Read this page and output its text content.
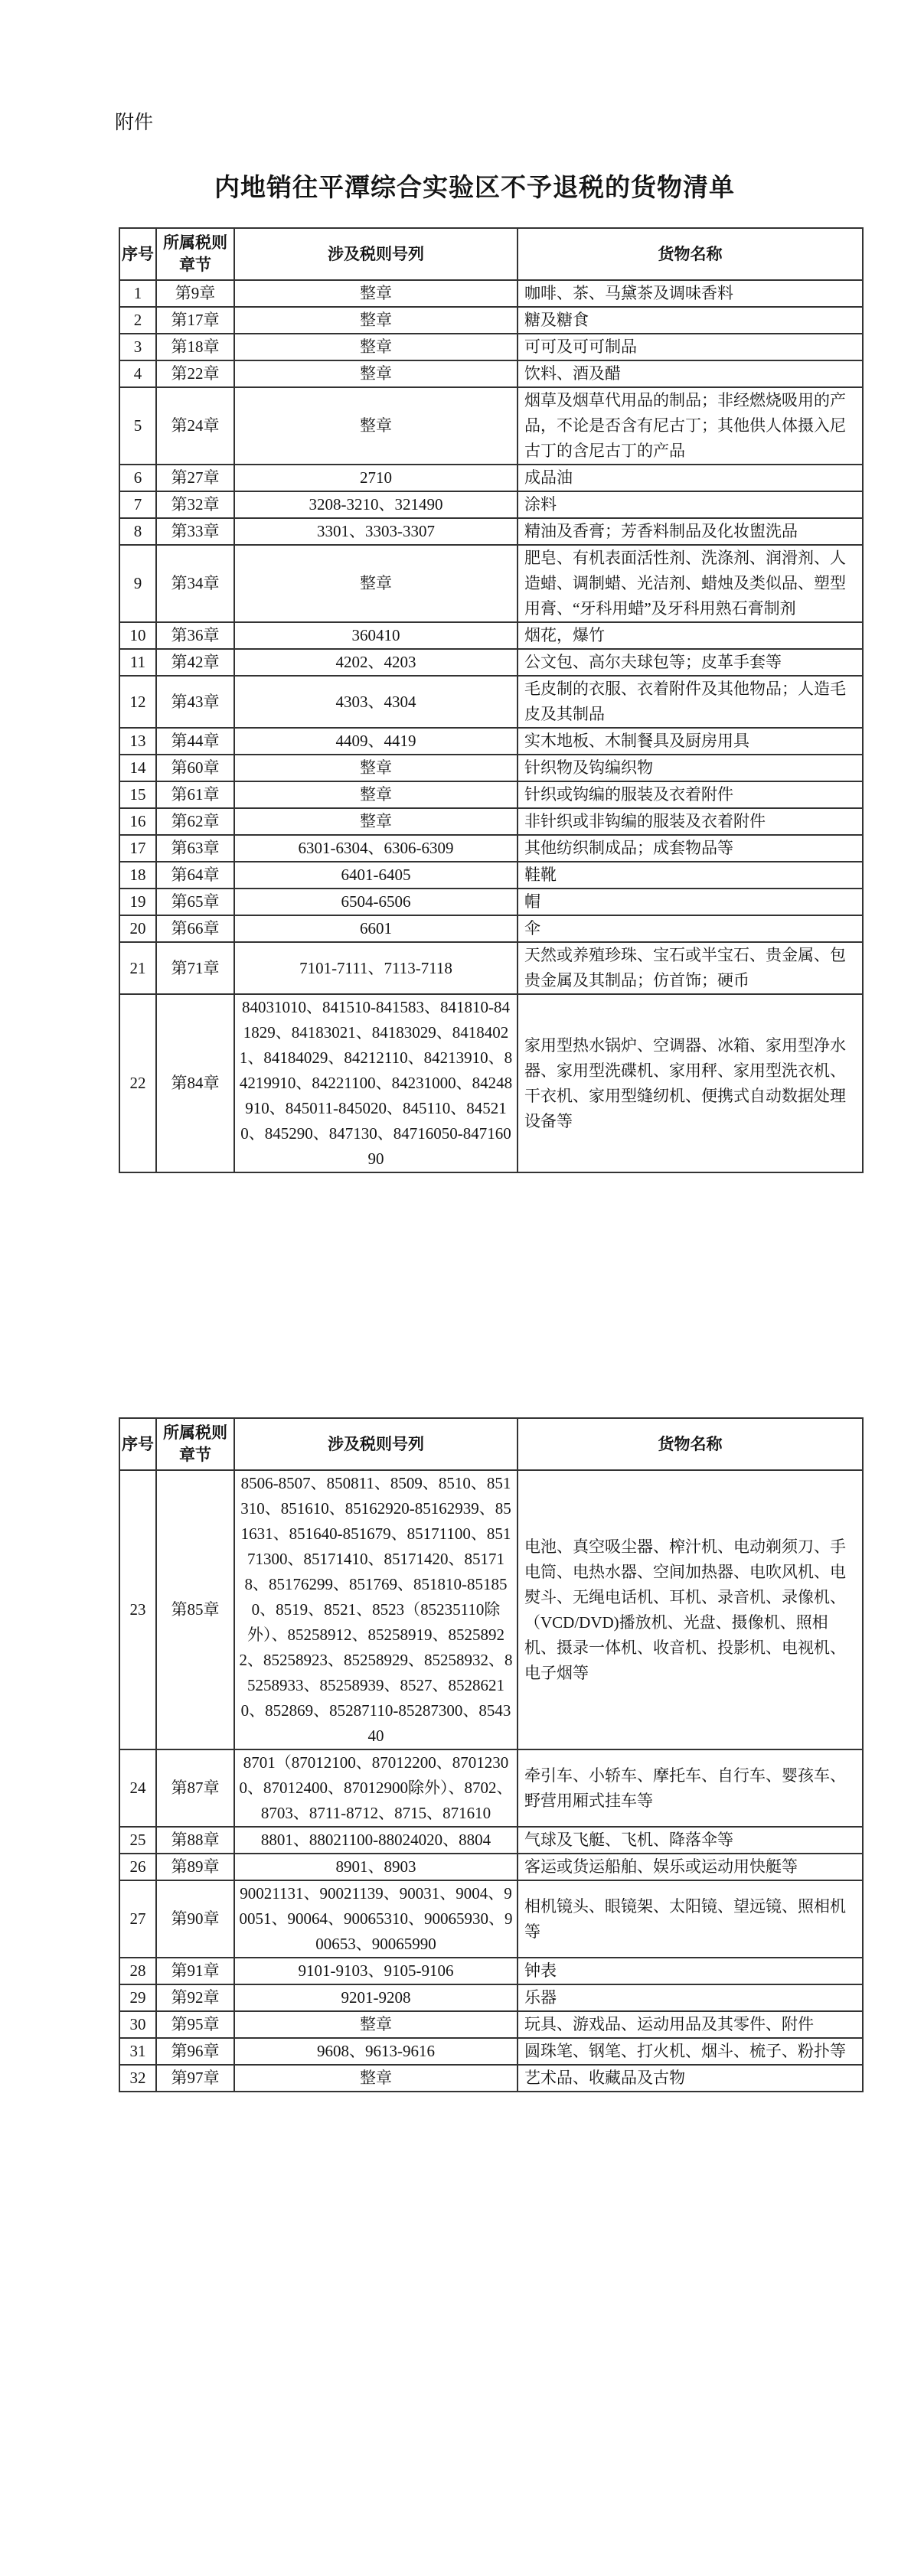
附件
内地销往平潭综合实验区不予退税的货物清单
序号	所属税则章节	涉及税则号列	货物名称
1	第9章	整章	咖啡、茶、马黛茶及调味香料
2	第17章	整章	糖及糖食
3	第18章	整章	可可及可可制品
4	第22章	整章	饮料、酒及醋
5	第24章	整章	烟草及烟草代用品的制品；非经燃烧吸用的产品，不论是否含有尼古丁；其他供人体摄入尼古丁的含尼古丁的产品
6	第27章	2710	成品油
7	第32章	3208-3210、321490	涂料
8	第33章	3301、3303-3307	精油及香膏；芳香料制品及化妆盥洗品
9	第34章	整章	肥皂、有机表面活性剂、洗涤剂、润滑剂、人造蜡、调制蜡、光洁剂、蜡烛及类似品、塑型用膏、“牙科用蜡”及牙科用熟石膏制剂
10	第36章	360410	烟花，爆竹
11	第42章	4202、4203	公文包、高尔夫球包等；皮革手套等
12	第43章	4303、4304	毛皮制的衣服、衣着附件及其他物品；人造毛皮及其制品
13	第44章	4409、4419	实木地板、木制餐具及厨房用具
14	第60章	整章	针织物及钩编织物
15	第61章	整章	针织或钩编的服装及衣着附件
16	第62章	整章	非针织或非钩编的服装及衣着附件
17	第63章	6301-6304、6306-6309	其他纺织制成品；成套物品等
18	第64章	6401-6405	鞋靴
19	第65章	6504-6506	帽
20	第66章	6601	伞
21	第71章	7101-7111、7113-7118	天然或养殖珍珠、宝石或半宝石、贵金属、包贵金属及其制品；仿首饰；硬币
22	第84章	84031010、841510-841583、841810-841829、84183021、84183029、84184021、84184029、84212110、84213910、84219910、84221100、84231000、84248910、845011-845020、845110、845210、845290、847130、84716050-84716090	家用型热水锅炉、空调器、冰箱、家用型净水器、家用型洗碟机、家用秤、家用型洗衣机、干衣机、家用型缝纫机、便携式自动数据处理设备等
序号	所属税则章节	涉及税则号列	货物名称
23	第85章	8506-8507、850811、8509、8510、851310、851610、85162920-85162939、851631、851640-851679、85171100、85171300、85171410、85171420、851718、85176299、851769、851810-851850、8519、8521、8523（85235110除外）、85258912、85258919、85258922、85258923、85258929、85258932、85258933、85258939、8527、85286210、852869、85287110-85287300、854340	电池、真空吸尘器、榨汁机、电动剃须刀、手电筒、电热水器、空间加热器、电吹风机、电熨斗、无绳电话机、耳机、录音机、录像机、（VCD/DVD)播放机、光盘、摄像机、照相机、摄录一体机、收音机、投影机、电视机、电子烟等
24	第87章	8701（87012100、87012200、87012300、87012400、87012900除外）、8702、8703、8711-8712、8715、871610	牵引车、小轿车、摩托车、自行车、婴孩车、野营用厢式挂车等
25	第88章	8801、88021100-88024020、8804	气球及飞艇、飞机、降落伞等
26	第89章	8901、8903	客运或货运船舶、娱乐或运动用快艇等
27	第90章	90021131、90021139、90031、9004、90051、90064、90065310、90065930、900653、90065990	相机镜头、眼镜架、太阳镜、望远镜、照相机等
28	第91章	9101-9103、9105-9106	钟表
29	第92章	9201-9208	乐器
30	第95章	整章	玩具、游戏品、运动用品及其零件、附件
31	第96章	9608、9613-9616	圆珠笔、钢笔、打火机、烟斗、梳子、粉扑等
32	第97章	整章	艺术品、收藏品及古物
